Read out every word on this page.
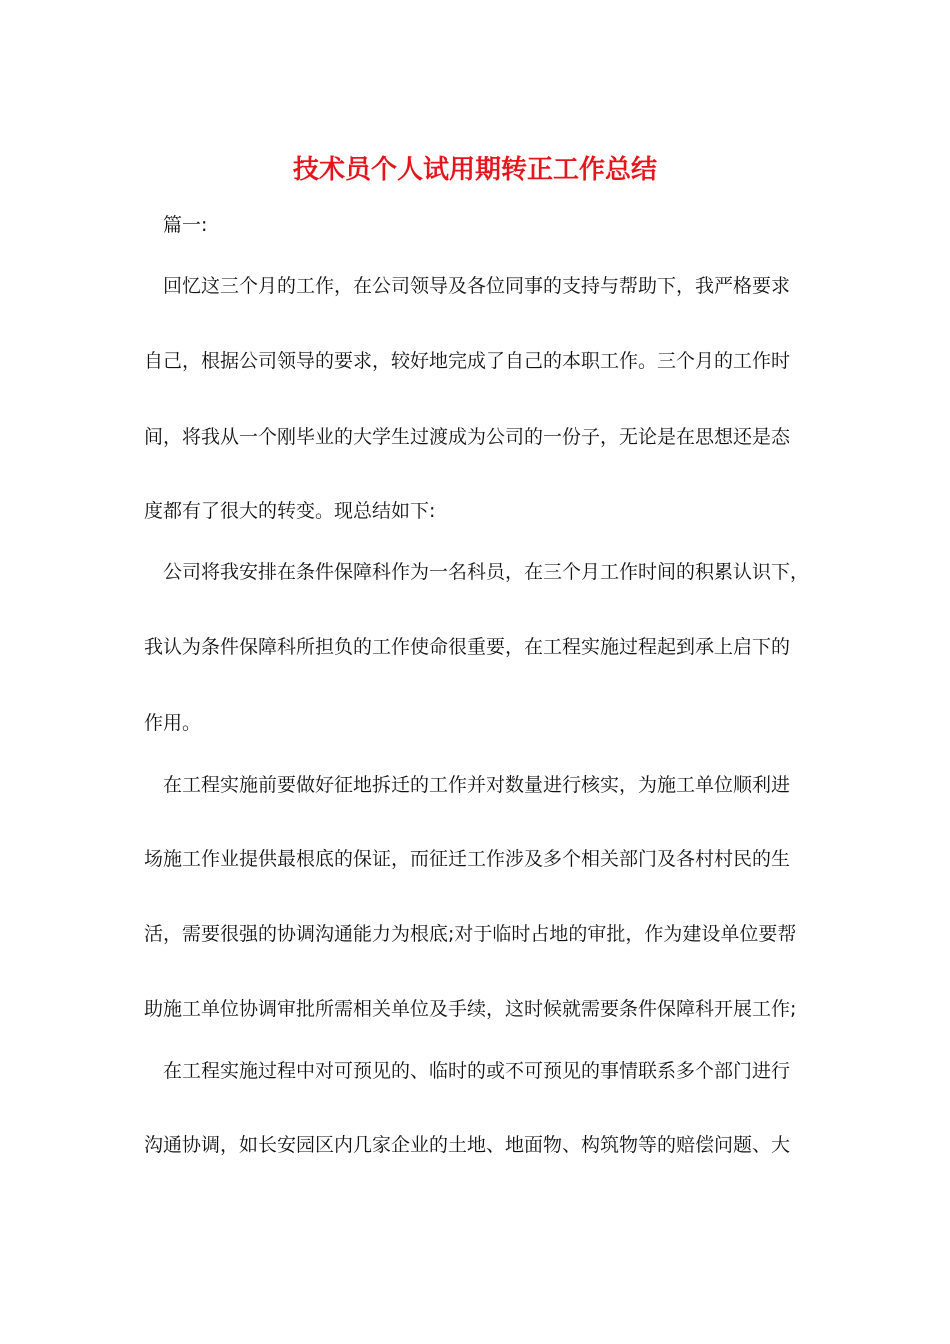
技术员个人试用期转正工作总结
篇一:
回忆这三个月的工作，在公司领导及各位同事的支持与帮助下，我严格要求
自己，根据公司领导的要求，较好地完成了自己的本职工作。三个月的工作时
间，将我从一个刚毕业的大学生过渡成为公司的一份子，无论是在思想还是态
度都有了很大的转变。现总结如下:
公司将我安排在条件保障科作为一名科员，在三个月工作时间的积累认识下，
我认为条件保障科所担负的工作使命很重要，在工程实施过程起到承上启下的
作用。
在工程实施前要做好征地拆迁的工作并对数量进行核实，为施工单位顺利进
场施工作业提供最根底的保证，而征迁工作涉及多个相关部门及各村村民的生
活，需要很强的协调沟通能力为根底;对于临时占地的审批，作为建设单位要帮
助施工单位协调审批所需相关单位及手续，这时候就需要条件保障科开展工作;
在工程实施过程中对可预见的、临时的或不可预见的事情联系多个部门进行
沟通协调，如长安园区内几家企业的土地、地面物、构筑物等的赔偿问题、大
